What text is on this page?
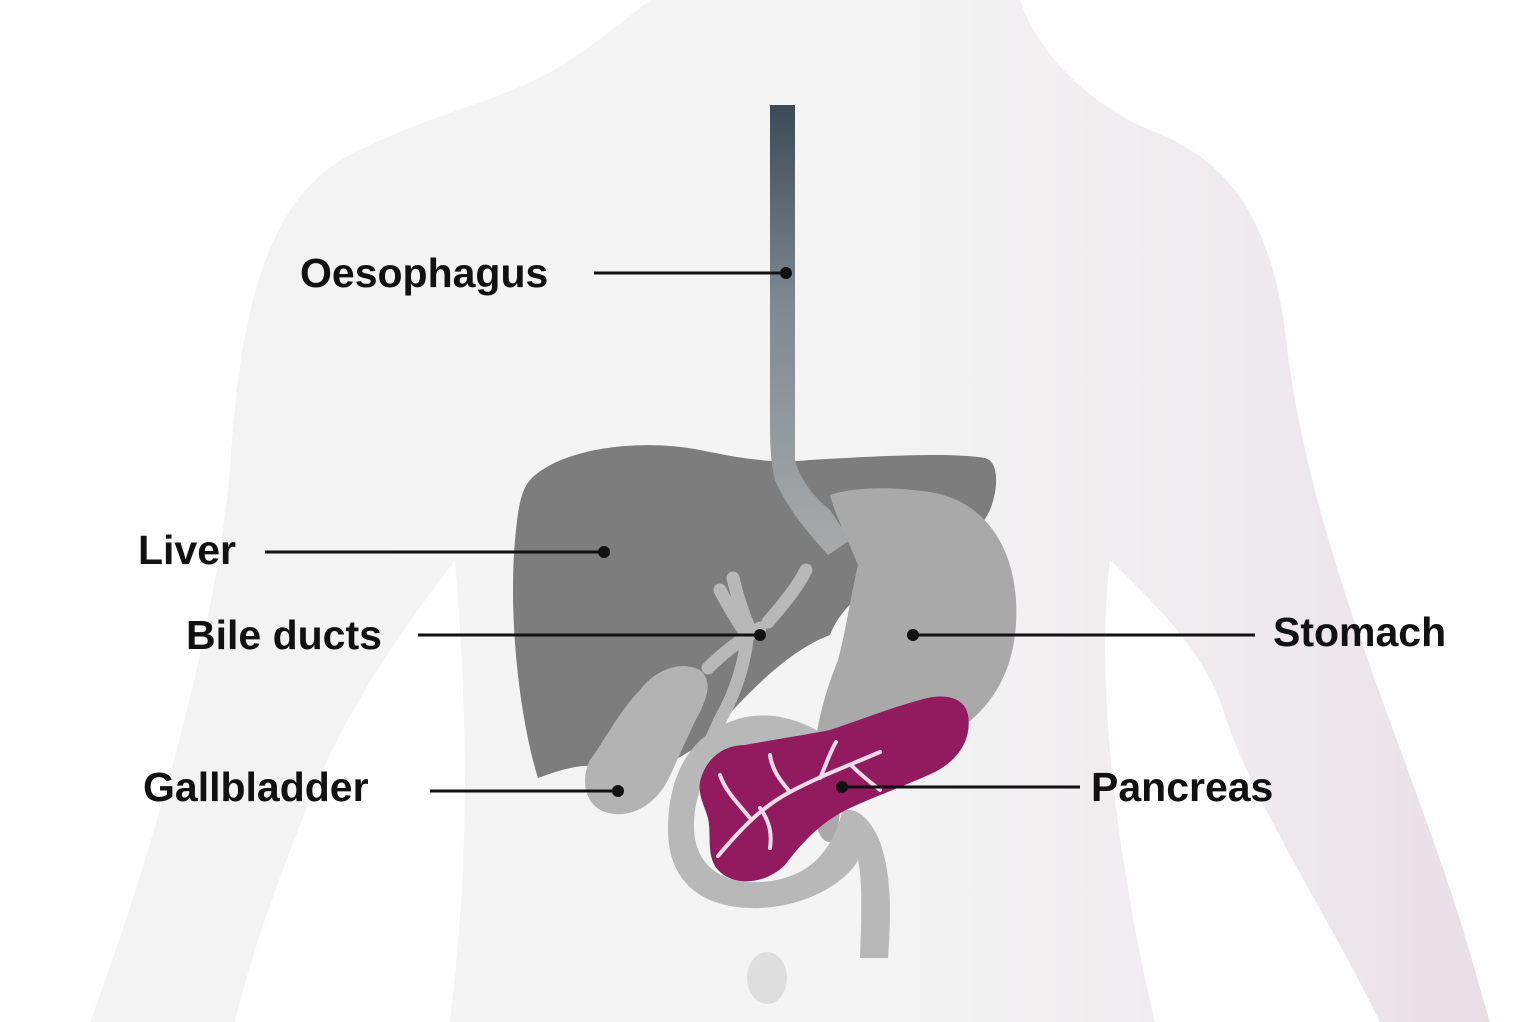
Oesophagus
Liver
Bile ducts
Gallbladder
Stomach
Pancreas
